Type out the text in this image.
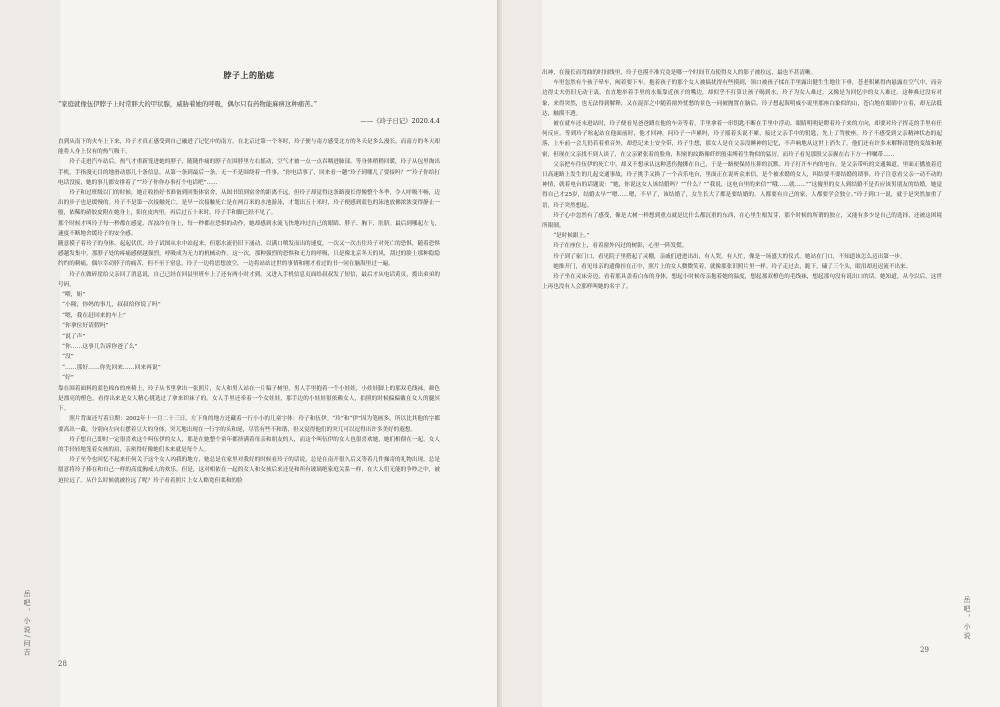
脖子上的胎痣

“家庭就像伍伊脖子上时常胖大的甲状腺，威胁着她的呼吸，偶尔只有药物能麻痹这种痛苦。”

——《玲子日记》2020.4.4

直到从南下的火车上下来，玲子才真正感受到自己融进了记忆中的南方。在北京过第一个冬时，玲子便与南方感受北方的冬天是多么漫长，而南方的冬天却能将人身上仅有的热气吸干。

玲子走进汽车站后，热气才重新笼进她的脖子，随随作痛的脖子在围脖里左右摇动，空气才被一点一点吞咽进肺部。等身体稍稍回暖，玲子从包里掏出手机，手指漫无目的地滑动那几十条信息。从第一条到最后一条，无一不是围绕着一件事。“你电话事了，回来看一趟”玲子到哪儿了要接吗？”“玲子你给打电话没接，她的事儿都安排着了”“玲子你你办事打个电话吧”……

玲子和过班级以门的时候，她正收拾好书准备到回集体宿舍，从图书馆到宿舍的距离不远，但玲子却觉得这条路漫长得像整个冬季，令人呼吸不畅，迈出的步子也是缓慢的。玲子不是第一次接触死亡，是早一次接触死亡是在两百米的水池游泳，才划出五十米时，玲子便感到蓝色的泳池放佛浓浓变得静止一般，依稀的硝胶皮附在她身上，阳在皮肉里。再后过五十米时，玲子手和脚已经不见了。

那个时候才叫玲子每一秒都在感觉，浑浊冷在身上，每一秒都在恐惧的动作，她却感到水流飞快地冲过自己的眼睛、脖子、胸下、肚脐。最后到哪起左飞，速度不断地舍缓玲子的安全感。

随意摸子着玲子的身体、起起伏伏，玲子试图从水中站起来，但那水流仍旧下涌动，以满口喷发而出的速度，一次又一次击往玲子对死亡的恐惧，随着恐惧感越发集中，那脖子处的疼痛感便越强烈，呼吸成为无力的机械动作。这一次，那种强烈的恐惧和无力的呼吸，只是像北京冬天的风，刮过的脸上那种隐隐约约的刺痛。偶尔幸动脖子的痛苦，但不至于窒息。玲子一边将思想放空，一边将站站过世的事情和刚才看过的书一同在脑海里过一遍。

玲子在做碎崖给父亲回了消息说，自己已经在回县里班车上了还有两小时才到。又进入手机信息页面给叔叔发了短信，最后才从电话黄页，拨出弟弟的号码。

“喂，姐”

“小隆，你妈的事儿，叔叔给你说了吗”

“嗯，我在赶回来的车上”

“你拿位好请假吗”

“说了声”

“你……这事儿告诉你爸了么”

“没”

“……那好……你先回来……回来再说”

“好”

靠在围着面料的蓝色棉布的座椅上，玲子从书里拿出一张照片，女人和男人站在一片稿子树里，男人手里抱着一个小娃娃，小娃娃脚上的那双毛线袜，颜色是漂亮的橙色，看得出来是女人精心挑选过了拿来织袜子的。女人手里还牵着一个女娃娃，那手边的小娃娃很依赖女人，拍照的时候偏偏戴在女人的腿冥下。

照片背面还写着日期：2002年十一月二十三日。左下角的地方还藏着一行小小的儿童字体：玲子和伍伊。“玲”和“伊”因为笔画多，所以比其他的字都要高出一截，分别向左向右摆着豆大的身体，突兀地出现在一行字的头和尾，尽管有些不和谐，但又觉得他们的突兀可以逗得出许多美好的遐想。

玲子想自己即时一定很喜欢这个叫伍伊的女人，那是在她整个童年都挤满着母亲和朋友的人，而这个叫伍伊的女人也很喜欢她，她们相偎在一起，女人的手轻轻地笼着女孩的肩，亲密得好像她们本来就是每个人。

玲子至今也回忆不起来任何关于这个女人凶我的地方，她总是在家里对我好的时候看玲子的话说，总是在南开很久后又等着几件操奇的礼物出现，总是愿意将玲子捧在和自己一样的高度胸戒人的欢乐。但是，这对相依在一起的女人和女孩后来还是和所有玻璃绝家庭关系一样，在大人们无能的争吵之中，被迫拉远了。从什么时候就被拉远了呢？玲子看着照片上女人略宽但柔和的脸

岳吧，小说/问吉
28

出神，在漫长而弯曲的时间线里，玲子也摸不准究竟是哪一个时间节点使得女人的影子被拉远，最也不甚清晰。

车里忽然有个孩子晕车，阄着要下车。抱着孩子的那个女人被搞扰得有些摸到，领口被孩子揉在手里露出健生生地往下垂，苍老积累得肉悬露在空气中，而旁边得丈夫仍旧无动于衷，直直地举着手里的水瓶靠近孩子的嘴边，却似乎不打算让孩子喝到水，玲子为女人难过，又像是为回忆中的女人难过。这种难过没有对象，来得突然，也无法得到解释，又在混浑之中随着窗外忧愁的景色一同被抛置在脑后。玲子想起海明威小说里那座白象似的山，苍白地在眼睛中立着，却无法抵达，触摸不透。

被在就车还未进站时，玲子便看见爸爸蹲在他的车旁等着，手里拿着一串钥匙不断在手里中浮动，眼睛明明是瞪着玲子来的方向，却要对玲子挥走的手里有任何反应。等到玲子吆起站在他面前时，他才回神，问玲子一声累吗，玲子摇着头说不累，接过父亲手中的钥匙，先上了驾驶座。玲子不感受到父亲精神状态的起落，上车前一会儿仍若着重音外，却恐记来上安全带，玲子生想，那女人是在父亲没睡神的记忆，不声响地从这世上消失了。他们还有许多未解释清楚的变故和秘密，但现在父亲找不到人谈了，在父亲紧张着的脸角，积密的纹路像纤织般束缚着生物似的猛厉，而玲子看见那股父亲握在右下方一样嘱带……

父亲把车往伍伊的死亡中，却又不想承认这种悲伤抛掷在自己，于是一路便保持压抑的沉默。玲子打开车内的电台，是父亲带听的交通频道，里面正播放着近日高速路上发生的几起交通事故，玲子挑手又换了一个音乐电台，里面正在说听众来信，是个被求婚的女人，纠结要不要结婚的琐事。玲子注意看父亲一动不动的神情，就着电台的话题说：“她，你说这女人该结婚吗？”“什么？”“我说，这电台里的来信”“哦……就……”“这傻里的女人到结婚不是否应该男朋友的结婚，她觉得自己才25岁，结婚太早”“嗯……嗯，不早了，该结婚了，女生长大了都是要结婚的，人都要有自己的家，人都要学会独立。”玲子到口一说，就于是突然加重了语，玲子突然想起。

玲子心中忽然有了感受，像是大树一样想到重点就是比什么都沉重的东西，在心里生根发芽，那个时候的所谓的独立，又能有多少是自己的选择，还被这困境所限制。

“是时候跟上。”

玲子在座位上，看着窗外闪过的树影，心里一阵发慌。

玲子到了家门口，看见院子里搭起了灵棚，亲戚们进进出出，有人哭，有人忙，像是一场盛大的仪式。她站在门口，不知道该怎么迈出第一步。

她推开门，看见母亲的遗像挂在正中，照片上的女人微微笑着，就像那张旧照片里一样。玲子走过去，跪下，磕了三个头，眼泪却迟迟流不出来。

玲子坐在灵床旁边，看着那具盖着白布的身体，想起小时候母亲抱着她的温度，想起那双橙色的毛线袜，想起那句没有说出口的话。她知道，从今以后，这世上再也没有人会那样叫她的名字了。

岳吧，小说
29
